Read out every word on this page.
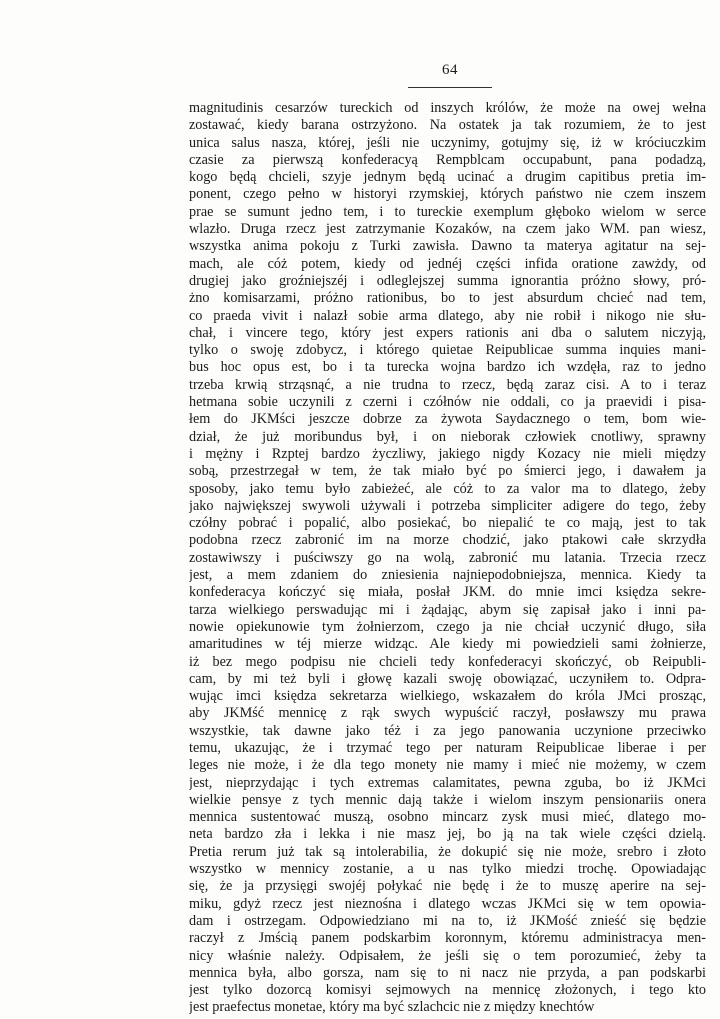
64
magnitudinis cesarzów tureckich od inszych królów, że może na owej wełna
zostawać, kiedy barana ostrzyżono. Na ostatek ja tak rozumiem, że to jest
unica salus nasza, której, jeśli nie uczynimy, gotujmy się, iż w króciuczkim
czasie za pierwszą konfederacyą Rempblcam occupabunt, pana podadzą,
kogo będą chcieli, szyje jednym będą ucinać a drugim capitibus pretia im-
ponent, czego pełno w historyi rzymskiej, których państwo nie czem inszem
prae se sumunt jedno tem, i to tureckie exemplum głęboko wielom w serce
wlazło. Druga rzecz jest zatrzymanie Kozaków, na czem jako WM. pan wiesz,
wszystka anima pokoju z Turki zawisła. Dawno ta materya agitatur na sej-
mach, ale cóż potem, kiedy od jednéj części infida oratione zawżdy, od
drugiej jako groźniejszéj i odleglejszej summa ignorantia próżno słowy, pró-
żno komisarzami, próżno rationibus, bo to jest absurdum chcieć nad tem,
co praeda vivit i nalazł sobie arma dlatego, aby nie robił i nikogo nie słu-
chał, i vincere tego, który jest expers rationis ani dba o salutem niczyją,
tylko o swoję zdobycz, i którego quietae Reipublicae summa inquies mani-
bus hoc opus est, bo i ta turecka wojna bardzo ich wzdęła, raz to jedno
trzeba krwią strząsnąć, a nie trudna to rzecz, będą zaraz cisi. A to i teraz
hetmana sobie uczynili z czerni i czółnów nie oddali, co ja praevidi i pisa-
łem do JKMści jeszcze dobrze za żywota Saydacznego o tem, bom wie-
dział, że już moribundus był, i on nieborak człowiek cnotliwy, sprawny
i mężny i Rzptej bardzo życzliwy, jakiego nigdy Kozacy nie mieli między
sobą, przestrzegał w tem, że tak miało być po śmierci jego, i dawałem ja
sposoby, jako temu było zabieżeć, ale cóż to za valor ma to dlatego, żeby
jako największej swywoli używali i potrzeba simpliciter adigere do tego, żeby
czółny pobrać i popalić, albo posiekać, bo niepalić te co mają, jest to tak
podobna rzecz zabronić im na morze chodzić, jako ptakowi całe skrzydła
zostawiwszy i puściwszy go na wolą, zabronić mu latania. Trzecia rzecz
jest, a mem zdaniem do zniesienia najniepodobniejsza, mennica. Kiedy ta
konfederacya kończyć się miała, posłał JKM. do mnie imci księdza sekre-
tarza wielkiego perswadując mi i żądając, abym się zapisał jako i inni pa-
nowie opiekunowie tym żołnierzom, czego ja nie chciał uczynić długo, siła
amaritudines w téj mierze widząc. Ale kiedy mi powiedzieli sami żołnierze,
iż bez mego podpisu nie chcieli tedy konfederacyi skończyć, ob Reipubli-
cam, by mi też byli i głowę kazali swoję obowiązać, uczyniłem to. Odpra-
wując imci księdza sekretarza wielkiego, wskazałem do króla JMci prosząc,
aby JKMść mennicę z rąk swych wypuścić raczył, posławszy mu prawa
wszystkie, tak dawne jako téż i za jego panowania uczynione przeciwko
temu, ukazując, że i trzymać tego per naturam Reipublicae liberae i per
leges nie może, i że dla tego monety nie mamy i mieć nie możemy, w czem
jest, nieprzydając i tych extremas calamitates, pewna zguba, bo iż JKMci
wielkie pensye z tych mennic dają także i wielom inszym pensionariis onera
mennica sustentować muszą, osobno mincarz zysk musi mieć, dlatego mo-
neta bardzo zła i lekka i nie masz jej, bo ją na tak wiele części dzielą.
Pretia rerum już tak są intolerabilia, że dokupić się nie może, srebro i złoto
wszystko w mennicy zostanie, a u nas tylko miedzi trochę. Opowiadając
się, że ja przysięgi swojéj połykać nie będę i że to muszę aperire na sej-
miku, gdyż rzecz jest nieznośna i dlatego wczas JKMci się w tem opowia-
dam i ostrzegam. Odpowiedziano mi na to, iż JKMość znieść się będzie
raczył z Jmścią panem podskarbim koronnym, któremu administracya men-
nicy właśnie należy. Odpisałem, że jeśli się o tem porozumieć, żeby ta
mennica była, albo gorsza, nam się to ni nacz nie przyda, a pan podskarbi
jest tylko dozorcą komisyi sejmowych na mennicę złożonych, i tego kto
jest praefectus monetae, który ma być szlachcic nie z między knechtów
